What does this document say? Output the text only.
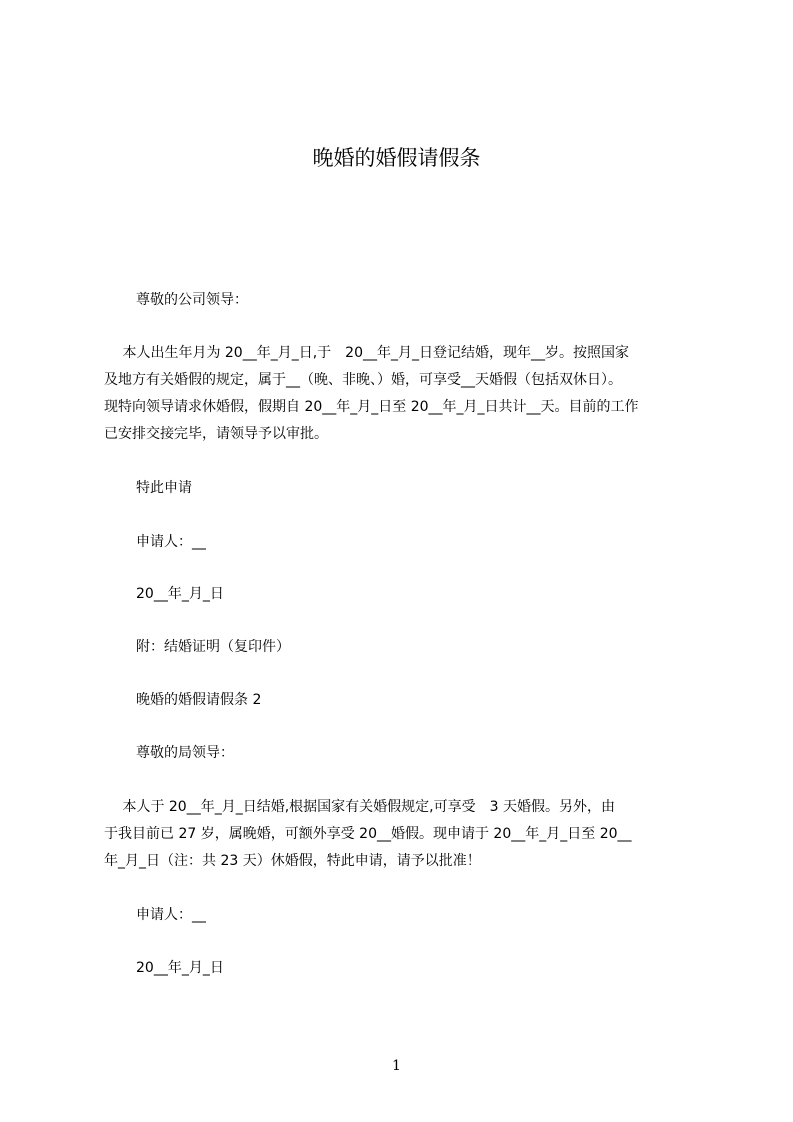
晚婚的婚假请假条
尊敬的公司领导：
　 本人出生年月为 20__年_月_日,于　20__年_月_日登记结婚，现年__岁。按照国家
及地方有关婚假的规定，属于__（晚、非晚、）婚，可享受__天婚假（包括双休日）。
现特向领导请求休婚假，假期自 20__年_月_日至 20__年_月_日共计__天。目前的工作
已安排交接完毕，请领导予以审批。
特此申请
申请人：__
20__年_月_日
附：结婚证明（复印件）
晚婚的婚假请假条 2
尊敬的局领导：
　 本人于 20__年_月_日结婚,根据国家有关婚假规定,可享受　3 天婚假。另外，由
于我目前已 27 岁，属晚婚，可额外享受 20__婚假。现申请于 20__年_月_日至 20__
年_月_日（注：共 23 天）休婚假，特此申请，请予以批准！
申请人：__
20__年_月_日
1
